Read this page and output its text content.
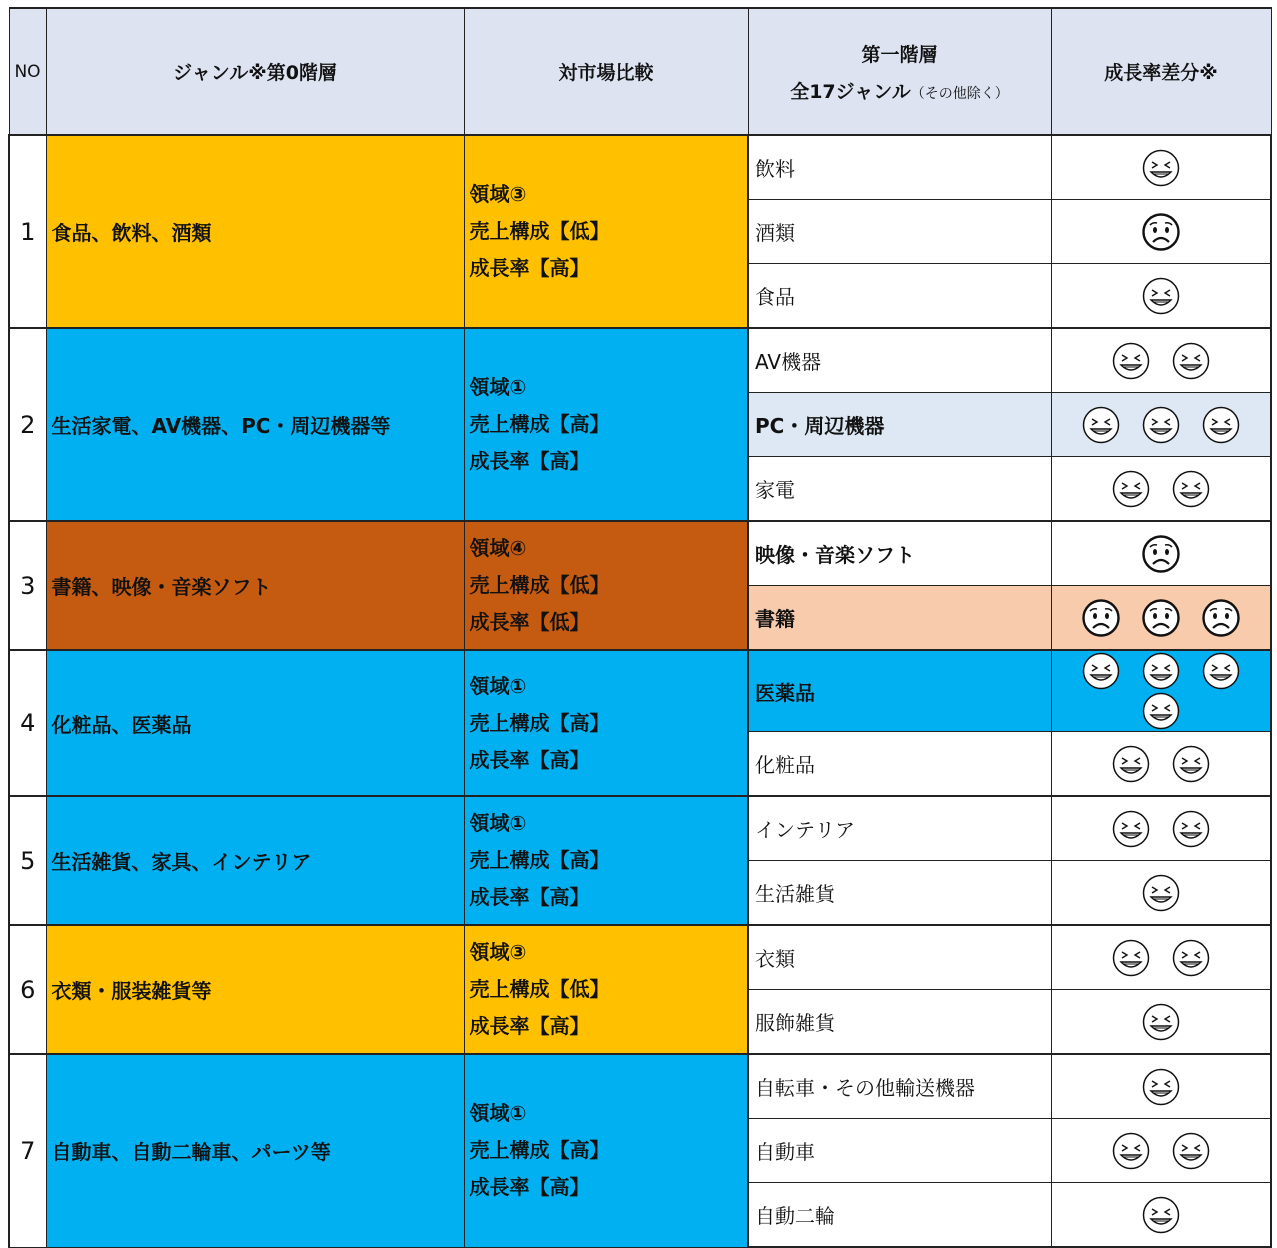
NO	ジャンル※第0階層	対市場比較	第一階層
全17ジャンル（その他除く）	成長率差分※
1	食品、飲料、酒類	領域③
売上構成【低】
成長率【高】	飲料	

			酒類	

			食品	

2	生活家電、AV機器、PC・周辺機器等	領域①
売上構成【高】
成長率【高】	AV機器	

			PC・周辺機器	

			家電	

3	書籍、映像・音楽ソフト	領域④
売上構成【低】
成長率【低】	映像・音楽ソフト	

			書籍	

4	化粧品、医薬品	領域①
売上構成【高】
成長率【高】	医薬品	

			化粧品	

5	生活雑貨、家具、インテリア	領域①
売上構成【高】
成長率【高】	インテリア	

			生活雑貨	

6	衣類・服装雑貨等	領域③
売上構成【低】
成長率【高】	衣類	

			服飾雑貨	

7	自動車、自動二輪車、パーツ等	領域①
売上構成【高】
成長率【高】	自転車・その他輸送機器	

			自動車	

			自動二輪	
